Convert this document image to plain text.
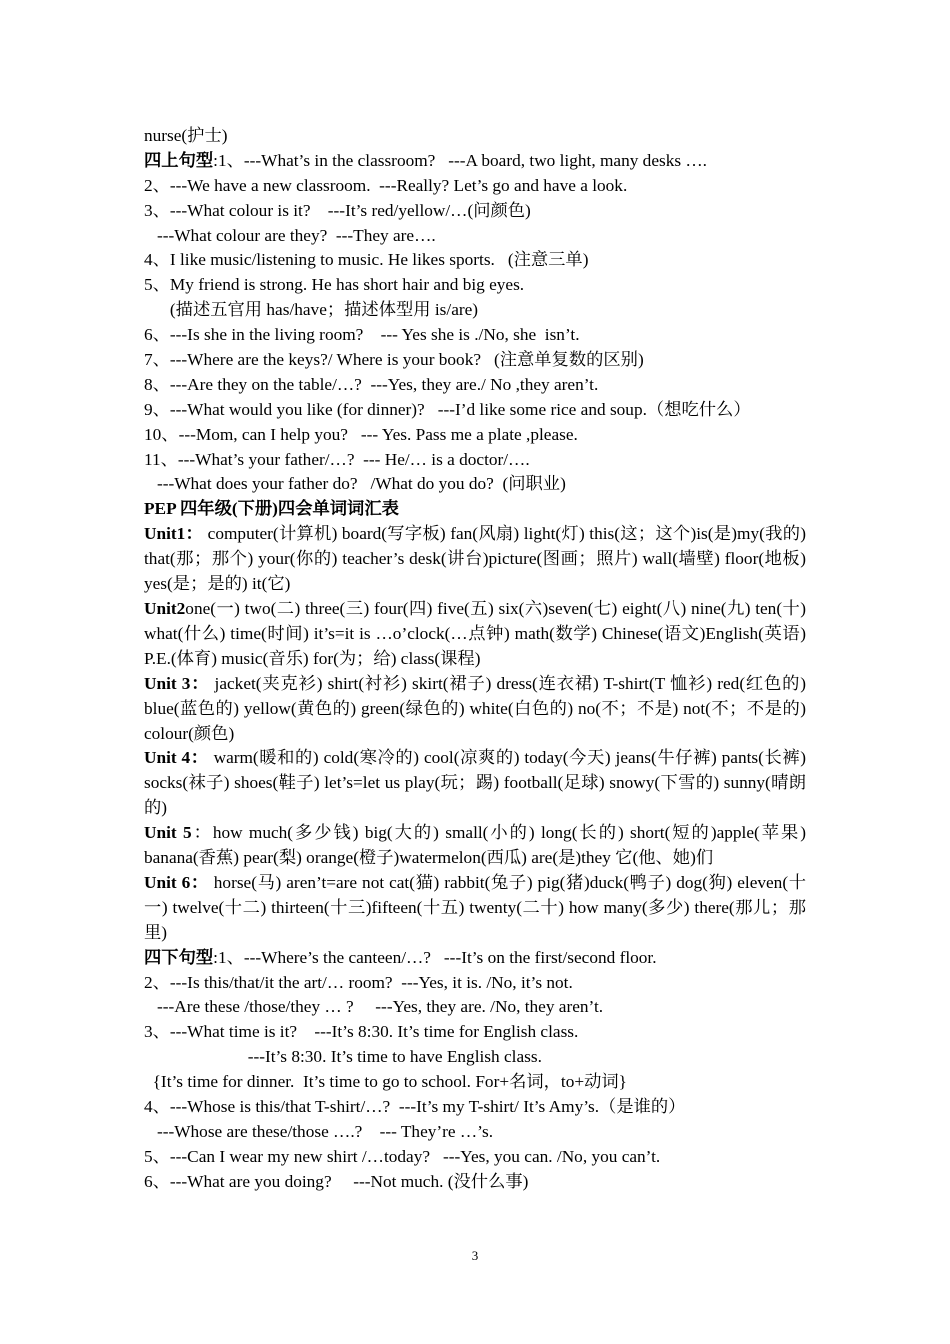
nurse(护士)
四上句型:1、---What’s in the classroom?   ---A board, two light, many desks ….
2、---We have a new classroom.  ---Really? Let’s go and have a look.
3、---What colour is it?    ---It’s red/yellow/…(问颜色)
---What colour are they?  ---They are….
4、I like music/listening to music. He likes sports.   (注意三单)
5、My friend is strong. He has short hair and big eyes.
(描述五官用 has/have；描述体型用 is/are)
6、---Is she in the living room?    --- Yes she is ./No, she  isn’t.
7、---Where are the keys?/ Where is your book?   (注意单复数的区别)
8、---Are they on the table/…?  ---Yes, they are./ No ,they aren’t.
9、---What would you like (for dinner)?   ---I’d like some rice and soup.（想吃什么）
10、---Mom, can I help you?   --- Yes. Pass me a plate ,please.
11、---What’s your father/…?  --- He/… is a doctor/….
---What does your father do?   /What do you do?  (问职业)
PEP 四年级(下册)四会单词词汇表
Unit1： computer(计算机) board(写字板) fan(风扇) light(灯) this(这；这个)is(是)my(我的) that(那；那个) your(你的) teacher’s desk(讲台)picture(图画；照片) wall(墙壁) floor(地板) yes(是；是的) it(它)
Unit2one(一) two(二) three(三) four(四) five(五) six(六)seven(七) eight(八) nine(九) ten(十) what(什么) time(时间) it’s=it is …o’clock(…点钟) math(数学) Chinese(语文)English(英语) P.E.(体育) music(音乐) for(为；给) class(课程)
Unit 3： jacket(夹克衫) shirt(衬衫) skirt(裙子) dress(连衣裙) T-shirt(T 恤衫) red(红色的) blue(蓝色的) yellow(黄色的) green(绿色的) white(白色的) no(不；不是) not(不；不是的) colour(颜色)
Unit 4： warm(暖和的) cold(寒冷的) cool(凉爽的) today(今天) jeans(牛仔裤) pants(长裤) socks(袜子) shoes(鞋子) let’s=let us play(玩；踢) football(足球) snowy(下雪的) sunny(晴朗的)
Unit 5：how much(多少钱) big(大的) small(小的) long(长的) short(短的)apple(苹果) banana(香蕉) pear(梨) orange(橙子)watermelon(西瓜) are(是)they 它(他、她)们
Unit 6： horse(马) aren’t=are not cat(猫) rabbit(兔子) pig(猪)duck(鸭子) dog(狗) eleven(十一) twelve(十二) thirteen(十三)fifteen(十五) twenty(二十) how many(多少) there(那儿；那里)
四下句型:1、---Where’s the canteen/…?   ---It’s on the first/second floor.
2、---Is this/that/it the art/… room?  ---Yes, it is. /No, it’s not.
---Are these /those/they … ?     ---Yes, they are. /No, they aren’t.
3、---What time is it?    ---It’s 8:30. It’s time for English class.
---It’s 8:30. It’s time to have English class.
{It’s time for dinner.  It’s time to go to school. For+名词，to+动词}
4、---Whose is this/that T-shirt/…?  ---It’s my T-shirt/ It’s Amy’s.（是谁的）
---Whose are these/those ….?    --- They’re …’s.
5、---Can I wear my new shirt /…today?   ---Yes, you can. /No, you can’t.
6、---What are you doing?     ---Not much. (没什么事)
3
